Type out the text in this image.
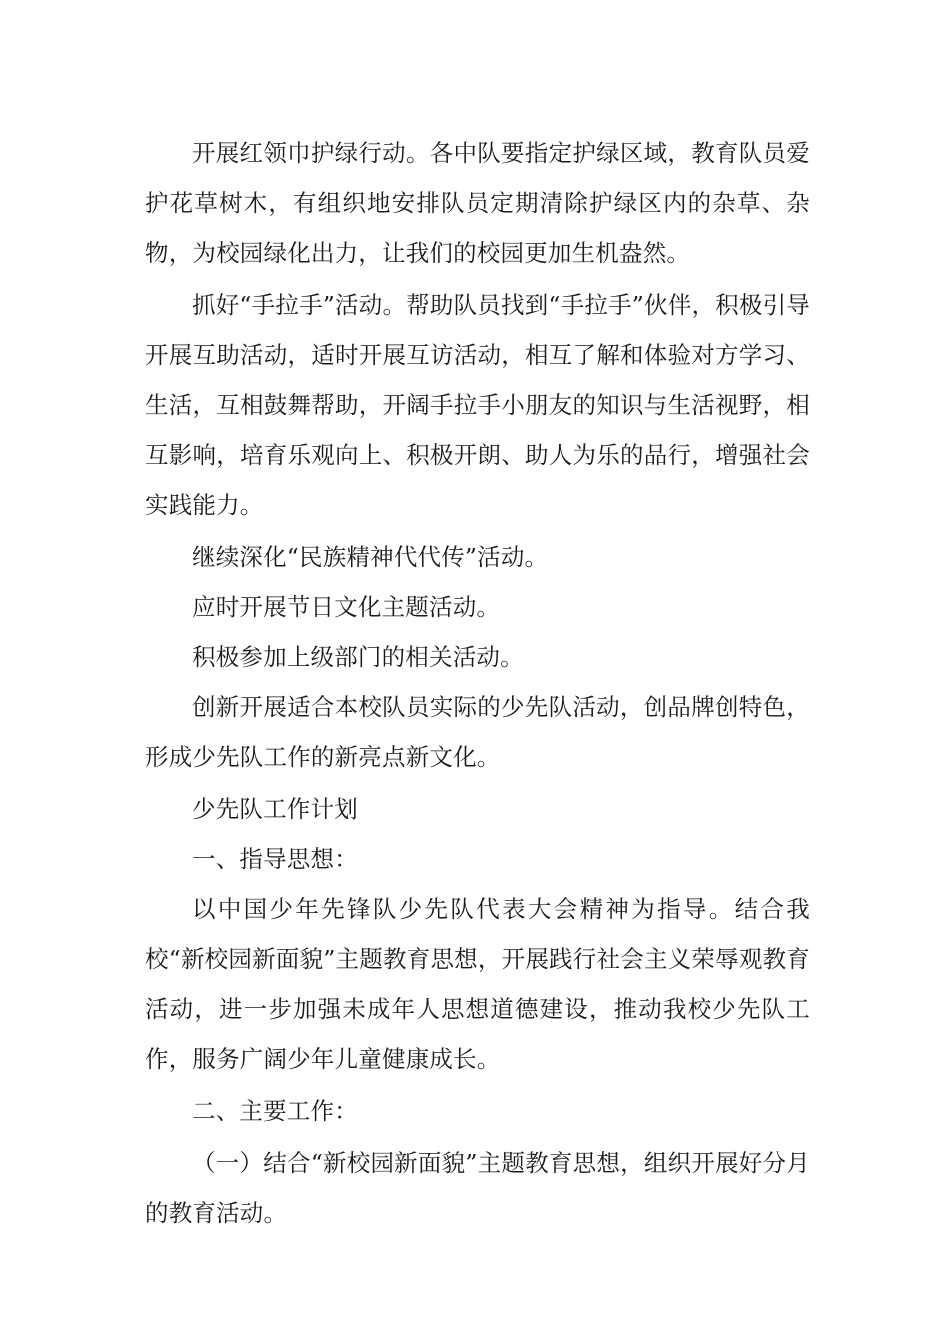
开展红领巾护绿行动。各中队要指定护绿区域，教育队员爱护花草树木，有组织地安排队员定期清除护绿区内的杂草、杂物，为校园绿化出力，让我们的校园更加生机盎然。

抓好“手拉手”活动。帮助队员找到“手拉手”伙伴，积极引导开展互助活动，适时开展互访活动，相互了解和体验对方学习、生活，互相鼓舞帮助，开阔手拉手小朋友的知识与生活视野，相互影响，培育乐观向上、积极开朗、助人为乐的品行，增强社会实践能力。

继续深化“民族精神代代传”活动。

应时开展节日文化主题活动。

积极参加上级部门的相关活动。

创新开展适合本校队员实际的少先队活动，创品牌创特色，形成少先队工作的新亮点新文化。

少先队工作计划

一、指导思想：

以中国少年先锋队少先队代表大会精神为指导。结合我校“新校园新面貌”主题教育思想，开展践行社会主义荣辱观教育活动，进一步加强未成年人思想道德建设，推动我校少先队工作，服务广阔少年儿童健康成长。

二、主要工作：

（一）结合“新校园新面貌”主题教育思想，组织开展好分月的教育活动。
